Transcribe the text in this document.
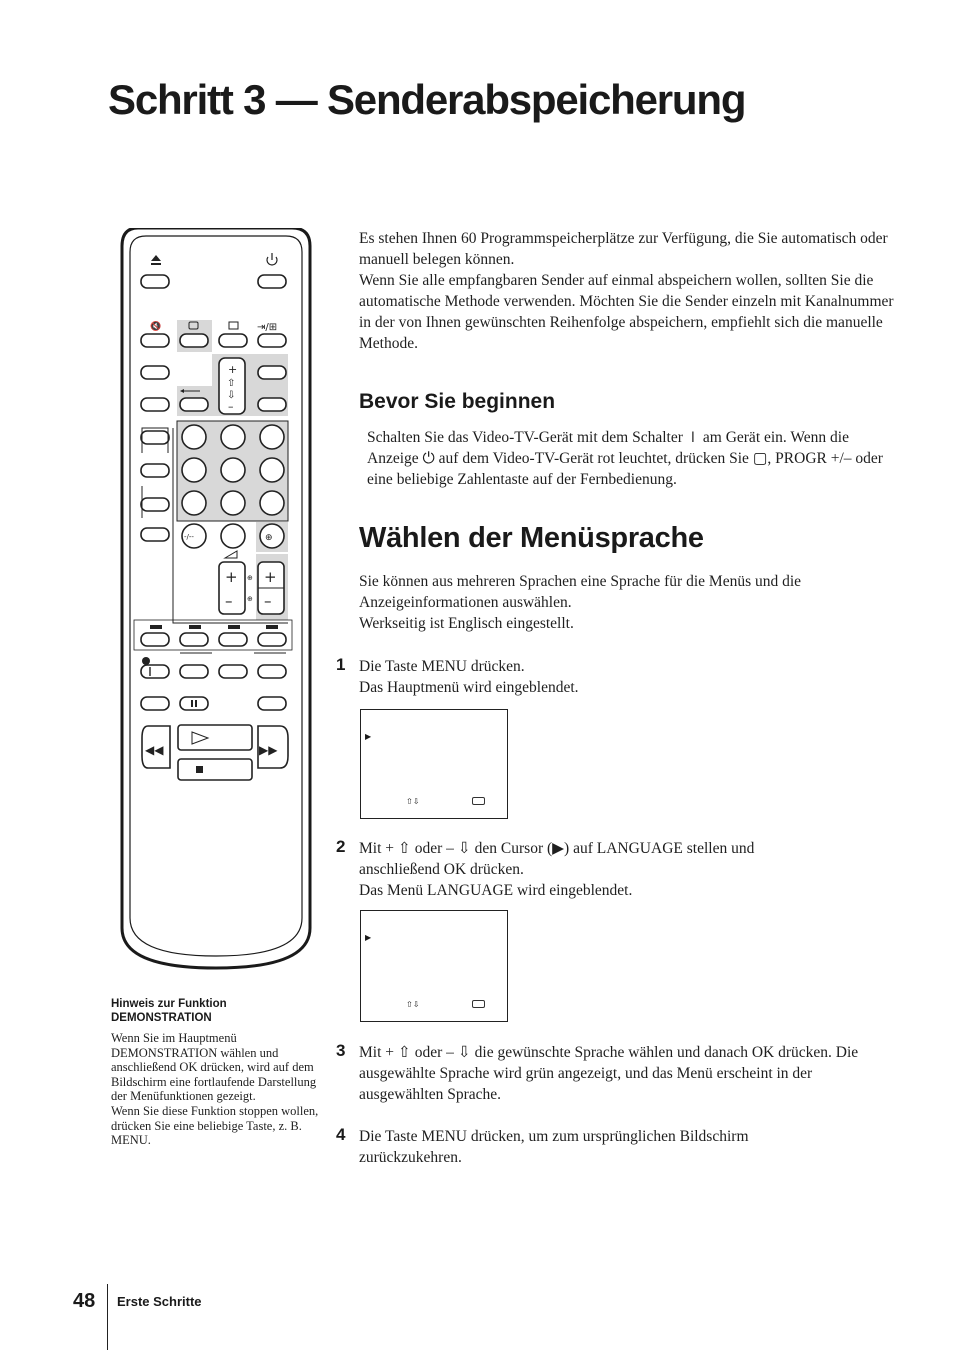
Schritt 3 — Senderabspeicherung
🔇	⇥/⊞
+
⇧
⇩
–
-/--	⊕
+
–
+
–
⊕
⊕
◀◀	▶▶

Es stehen Ihnen 60 Programmspeicherplätze zur Verfügung, die Sie automatisch oder manuell belegen können.

Wenn Sie alle empfangbaren Sender auf einmal abspeichern wollen, sollten Sie die automatische Methode verwenden. Möchten Sie die Sender einzeln mit Kanalnummer in der von Ihnen gewünschten Reihenfolge abspeichern, empfiehlt sich die manuelle Methode.

Bevor Sie beginnen

Schalten Sie das Video-TV-Gerät mit dem Schalter ⏽ am Gerät ein. Wenn die Anzeige ⏻ auf dem Video-TV-Gerät rot leuchtet, drücken Sie ▢, PROGR +/– oder eine beliebige Zahlentaste auf der Fernbedienung.

Wählen der Menüsprache

Sie können aus mehreren Sprachen eine Sprache für die Menüs und die Anzeigeinformationen auswählen.

Werkseitig ist Englisch eingestellt.

1 Die Taste MENU drücken.

Das Hauptmenü wird eingeblendet.

▶
⇧⇩
2 Mit + ⇧ oder – ⇩ den Cursor (▶) auf LANGUAGE stellen und anschließend OK drücken.

Das Menü LANGUAGE wird eingeblendet.

▶
⇧⇩
3 Mit + ⇧ oder – ⇩ die gewünschte Sprache wählen und danach OK drücken. Die ausgewählte Sprache wird grün angezeigt, und das Menü erscheint in der ausgewählten Sprache.

4 Die Taste MENU drücken, um zum ursprünglichen Bildschirm zurückzukehren.

Hinweis zur Funktion
DEMONSTRATION

Wenn Sie im Hauptmenü DEMONSTRATION wählen und anschließend OK drücken, wird auf dem Bildschirm eine fortlaufende Darstellung der Menüfunktionen gezeigt.

Wenn Sie diese Funktion stoppen wollen, drücken Sie eine beliebige Taste, z. B. MENU.

48 Erste Schritte
